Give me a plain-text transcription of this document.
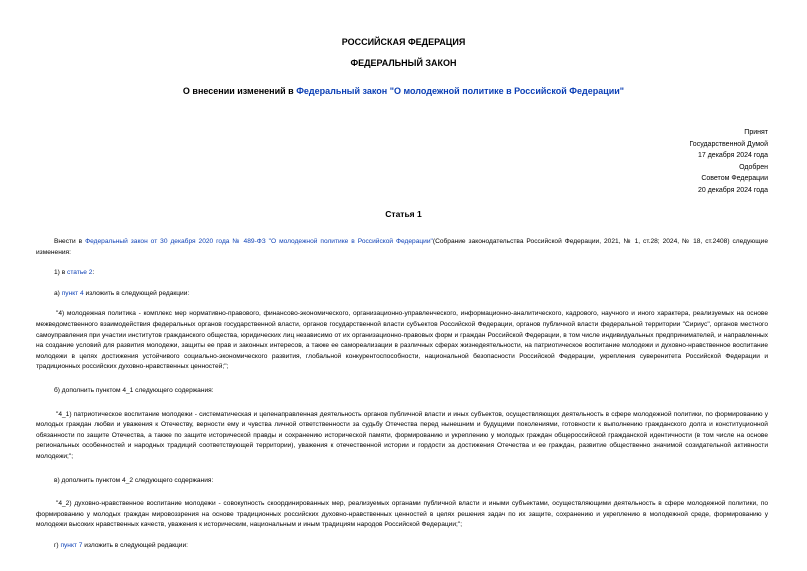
РОССИЙСКАЯ ФЕДЕРАЦИЯ
ФЕДЕРАЛЬНЫЙ ЗАКОН
О внесении изменений в Федеральный закон "О молодежной политике в Российской Федерации"
Принят
Государственной Думой
17 декабря 2024 года
Одобрен
Советом Федерации
20 декабря 2024 года
Статья 1

Внести в Федеральный закон от 30 декабря 2020 года № 489-ФЗ "О молодежной политике в Российской Федерации"(Собрание законодательства Российской Федерации, 2021, № 1, ст.28; 2024, № 18, ст.2408) следующие изменения:

1) в статье 2:

а) пункт 4 изложить в следующей редакции:

"4) молодежная политика - комплекс мер нормативно-правового, финансово-экономического, организационно-управленческого, информационно-аналитического, кадрового, научного и иного характера, реализуемых на основе межведомственного взаимодействия федеральных органов государственной власти, органов государственной власти субъектов Российской Федерации, органов публичной власти федеральной территории "Сириус", органов местного самоуправления при участии институтов гражданского общества, юридических лиц независимо от их организационно-правовых форм и граждан Российской Федерации, в том числе индивидуальных предпринимателей, и направленных на создание условий для развития молодежи, защиты ее прав и законных интересов, а также ее самореализации в различных сферах жизнедеятельности, на патриотическое воспитание молодежи и духовно-нравственное воспитание молодежи в целях достижения устойчивого социально-экономического развития, глобальной конкурентоспособности, национальной безопасности Российской Федерации, укрепления суверенитета Российской Федерации и традиционных российских духовно-нравственных ценностей;";

б) дополнить пунктом 4_1 следующего содержания:

"4_1) патриотическое воспитание молодежи - систематическая и целенаправленная деятельность органов публичной власти и иных субъектов, осуществляющих деятельность в сфере молодежной политики, по формированию у молодых граждан любви и уважения к Отечеству, верности ему и чувства личной ответственности за судьбу Отечества перед нынешним и будущими поколениями, готовности к выполнению гражданского долга и конституционной обязанности по защите Отечества, а также по защите исторической правды и сохранению исторической памяти, формированию и укреплению у молодых граждан общероссийской гражданской идентичности (в том числе на основе региональных особенностей и народных традиций соответствующей территории), уважения к отечественной истории и гордости за достижения Отечества и ее граждан, развитие общественно значимой созидательной активности молодежи;";

в) дополнить пунктом 4_2 следующего содержания:

"4_2) духовно-нравственное воспитание молодежи - совокупность скоординированных мер, реализуемых органами публичной власти и иными субъектами, осуществляющими деятельность в сфере молодежной политики, по формированию у молодых граждан мировоззрения на основе традиционных российских духовно-нравственных ценностей в целях решения задач по их защите, сохранению и укреплению в молодежной среде, формированию у молодежи высоких нравственных качеств, уважения к историческим, национальным и иным традициям народов Российской Федерации;";

г) пункт 7 изложить в следующей редакции:
